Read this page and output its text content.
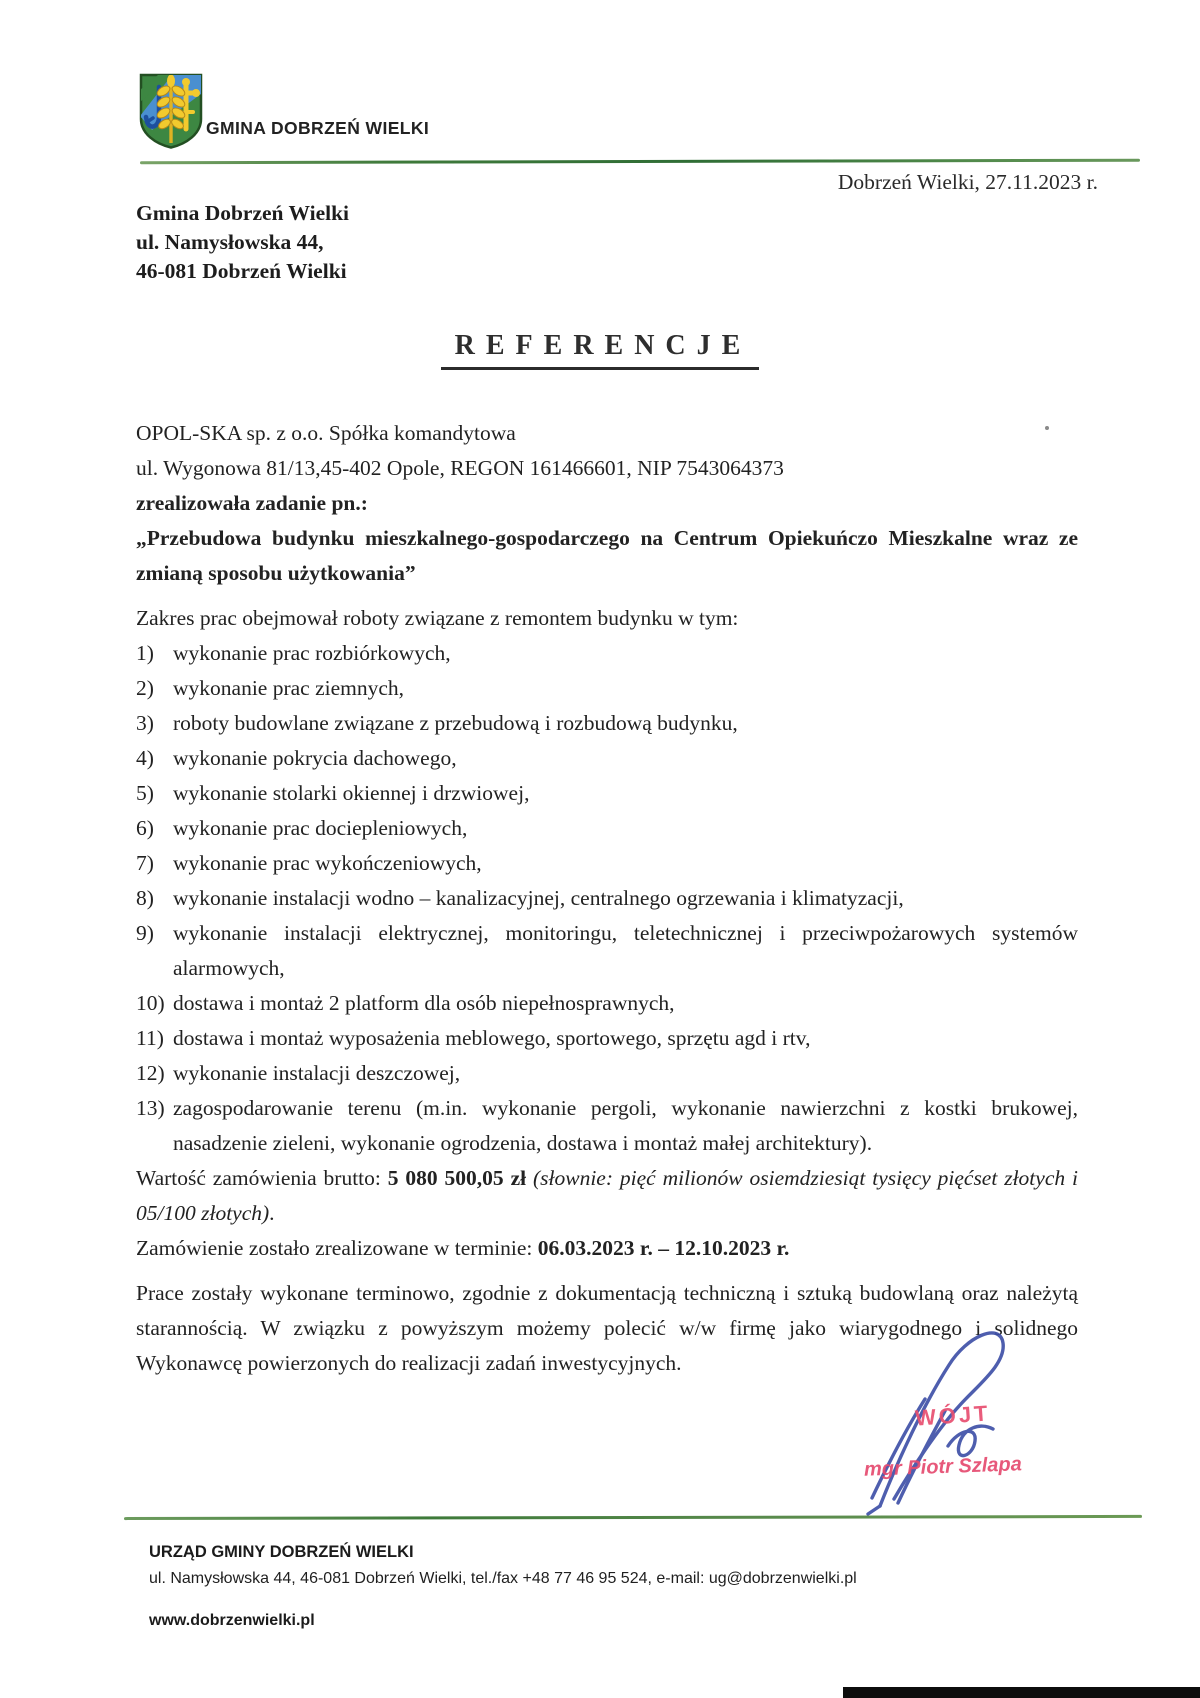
GMINA DOBRZEŃ WIELKI
Dobrzeń Wielki, 27.11.2023 r.
Gmina Dobrzeń Wielki
ul. Namysłowska 44,
46-081 Dobrzeń Wielki
REFERENCJE
OPOL-SKA sp. z o.o. Spółka komandytowa
ul. Wygonowa 81/13,45-402 Opole, REGON 161466601, NIP 7543064373
zrealizowała zadanie pn.:
„Przebudowa budynku mieszkalnego-gospodarczego na Centrum Opiekuńczo Mieszkalne wraz ze zmianą sposobu użytkowania”
Zakres prac obejmował roboty związane z remontem budynku w tym:
1) wykonanie prac rozbiórkowych,
2) wykonanie prac ziemnych,
3) roboty budowlane związane z przebudową i rozbudową budynku,
4) wykonanie pokrycia dachowego,
5) wykonanie stolarki okiennej i drzwiowej,
6) wykonanie prac dociepleniowych,
7) wykonanie prac wykończeniowych,
8) wykonanie instalacji wodno – kanalizacyjnej, centralnego ogrzewania i klimatyzacji,
9) wykonanie instalacji elektrycznej, monitoringu, teletechnicznej i przeciwpożarowych systemów alarmowych,
10) dostawa i montaż 2 platform dla osób niepełnosprawnych,
11) dostawa i montaż wyposażenia meblowego, sportowego, sprzętu agd i rtv,
12) wykonanie instalacji deszczowej,
13) zagospodarowanie terenu (m.in. wykonanie pergoli, wykonanie nawierzchni z kostki brukowej, nasadzenie zieleni, wykonanie ogrodzenia, dostawa i montaż małej architektury).
Wartość zamówienia brutto: 5 080 500,05 zł (słownie: pięć milionów osiemdziesiąt tysięcy pięćset złotych i 05/100 złotych).
Zamówienie zostało zrealizowane w terminie: 06.03.2023 r. – 12.10.2023 r.
Prace zostały wykonane terminowo, zgodnie z dokumentacją techniczną i sztuką budowlaną oraz należytą starannością. W związku z powyższym możemy polecić w/w firmę jako wiarygodnego i solidnego Wykonawcę powierzonych do realizacji zadań inwestycyjnych.
WÓJT
mgr Piotr Szlapa
URZĄD GMINY DOBRZEŃ WIELKI
ul. Namysłowska 44, 46-081 Dobrzeń Wielki, tel./fax +48 77 46 95 524, e-mail: ug@dobrzenwielki.pl
www.dobrzenwielki.pl
